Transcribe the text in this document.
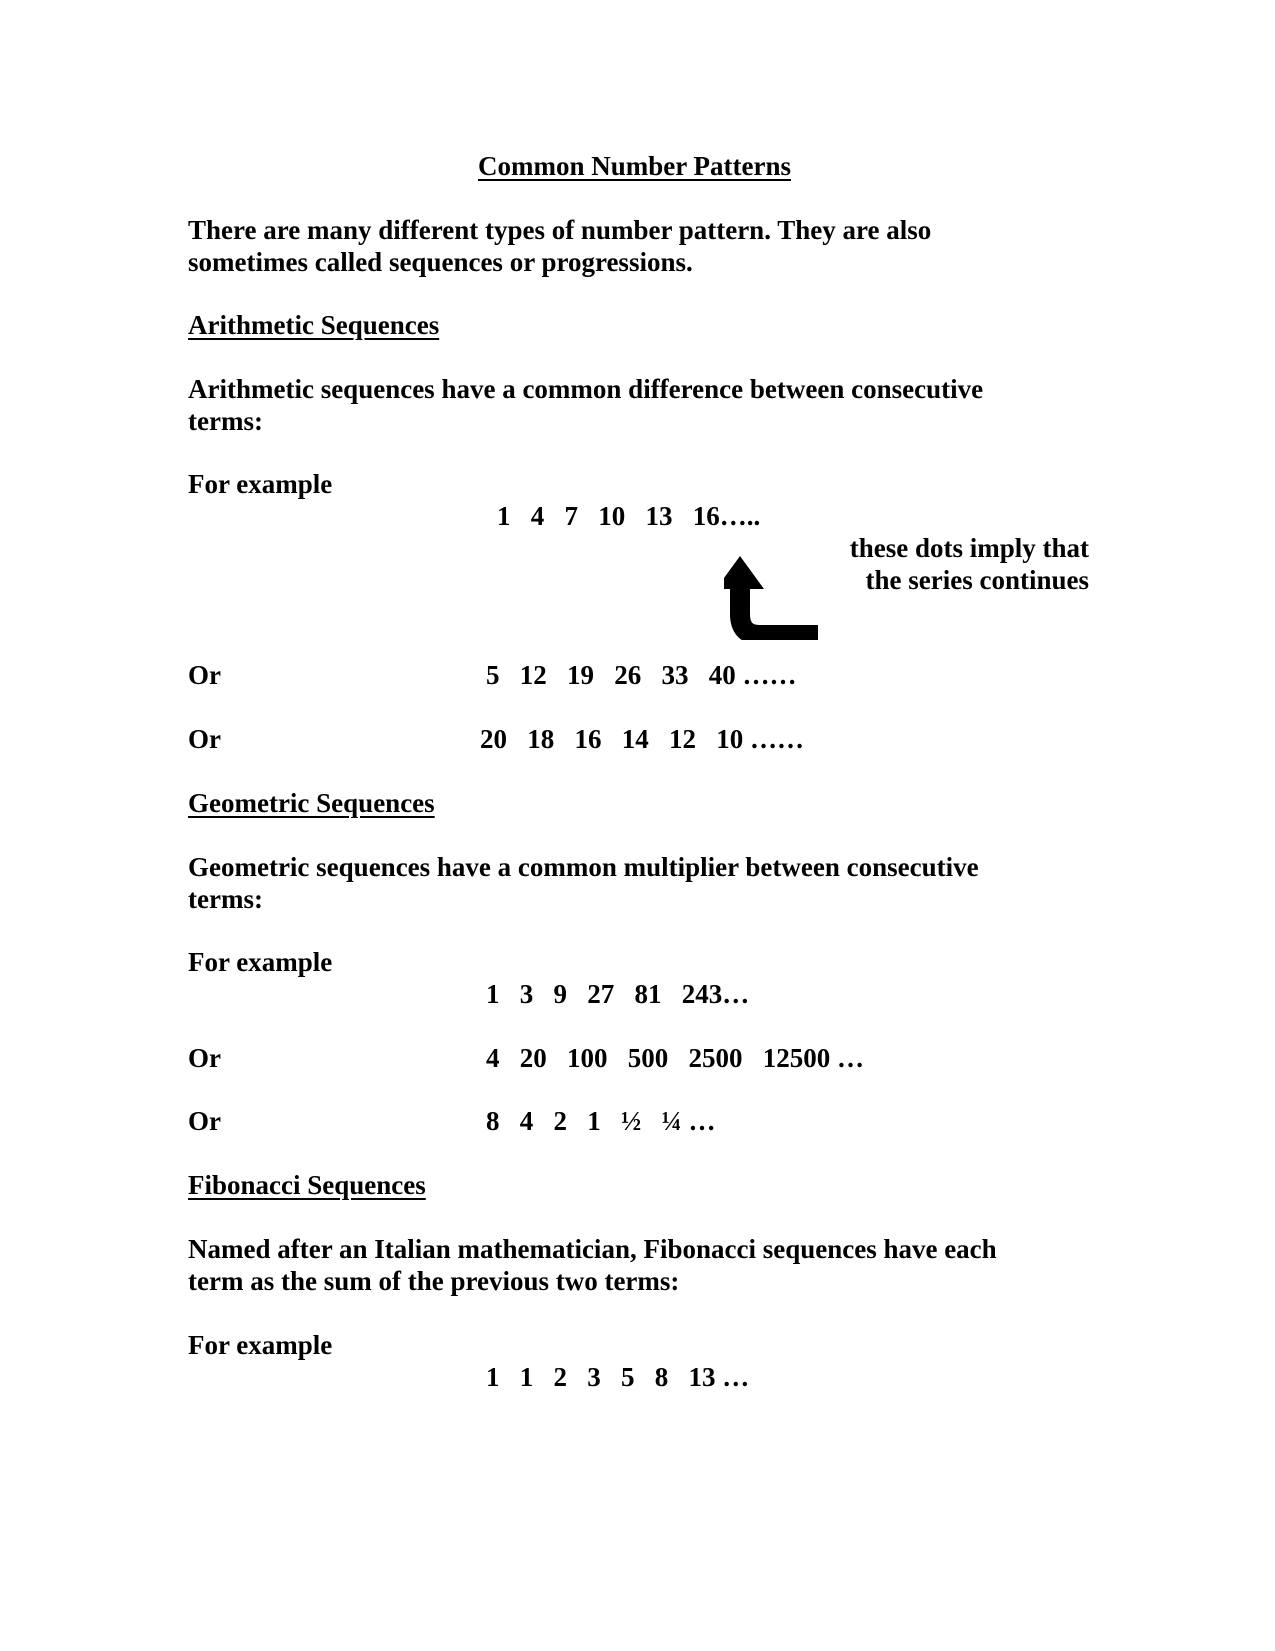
Common Number Patterns
There are many different types of number pattern. They are also
sometimes called sequences or progressions.
Arithmetic Sequences
Arithmetic sequences have a common difference between consecutive
terms:
For example
1   4   7   10   13   16…..
these dots imply that
the series continues
Or	5   12   19   26   33   40 ……
Or	20   18   16   14   12   10 ……
Geometric Sequences
Geometric sequences have a common multiplier between consecutive
terms:
For example
1   3   9   27   81   243…
Or	4   20   100   500   2500   12500 …
Or	8   4   2   1   ½   ¼ …
Fibonacci Sequences
Named after an Italian mathematician, Fibonacci sequences have each
term as the sum of the previous two terms:
For example
1   1   2   3   5   8   13 …
